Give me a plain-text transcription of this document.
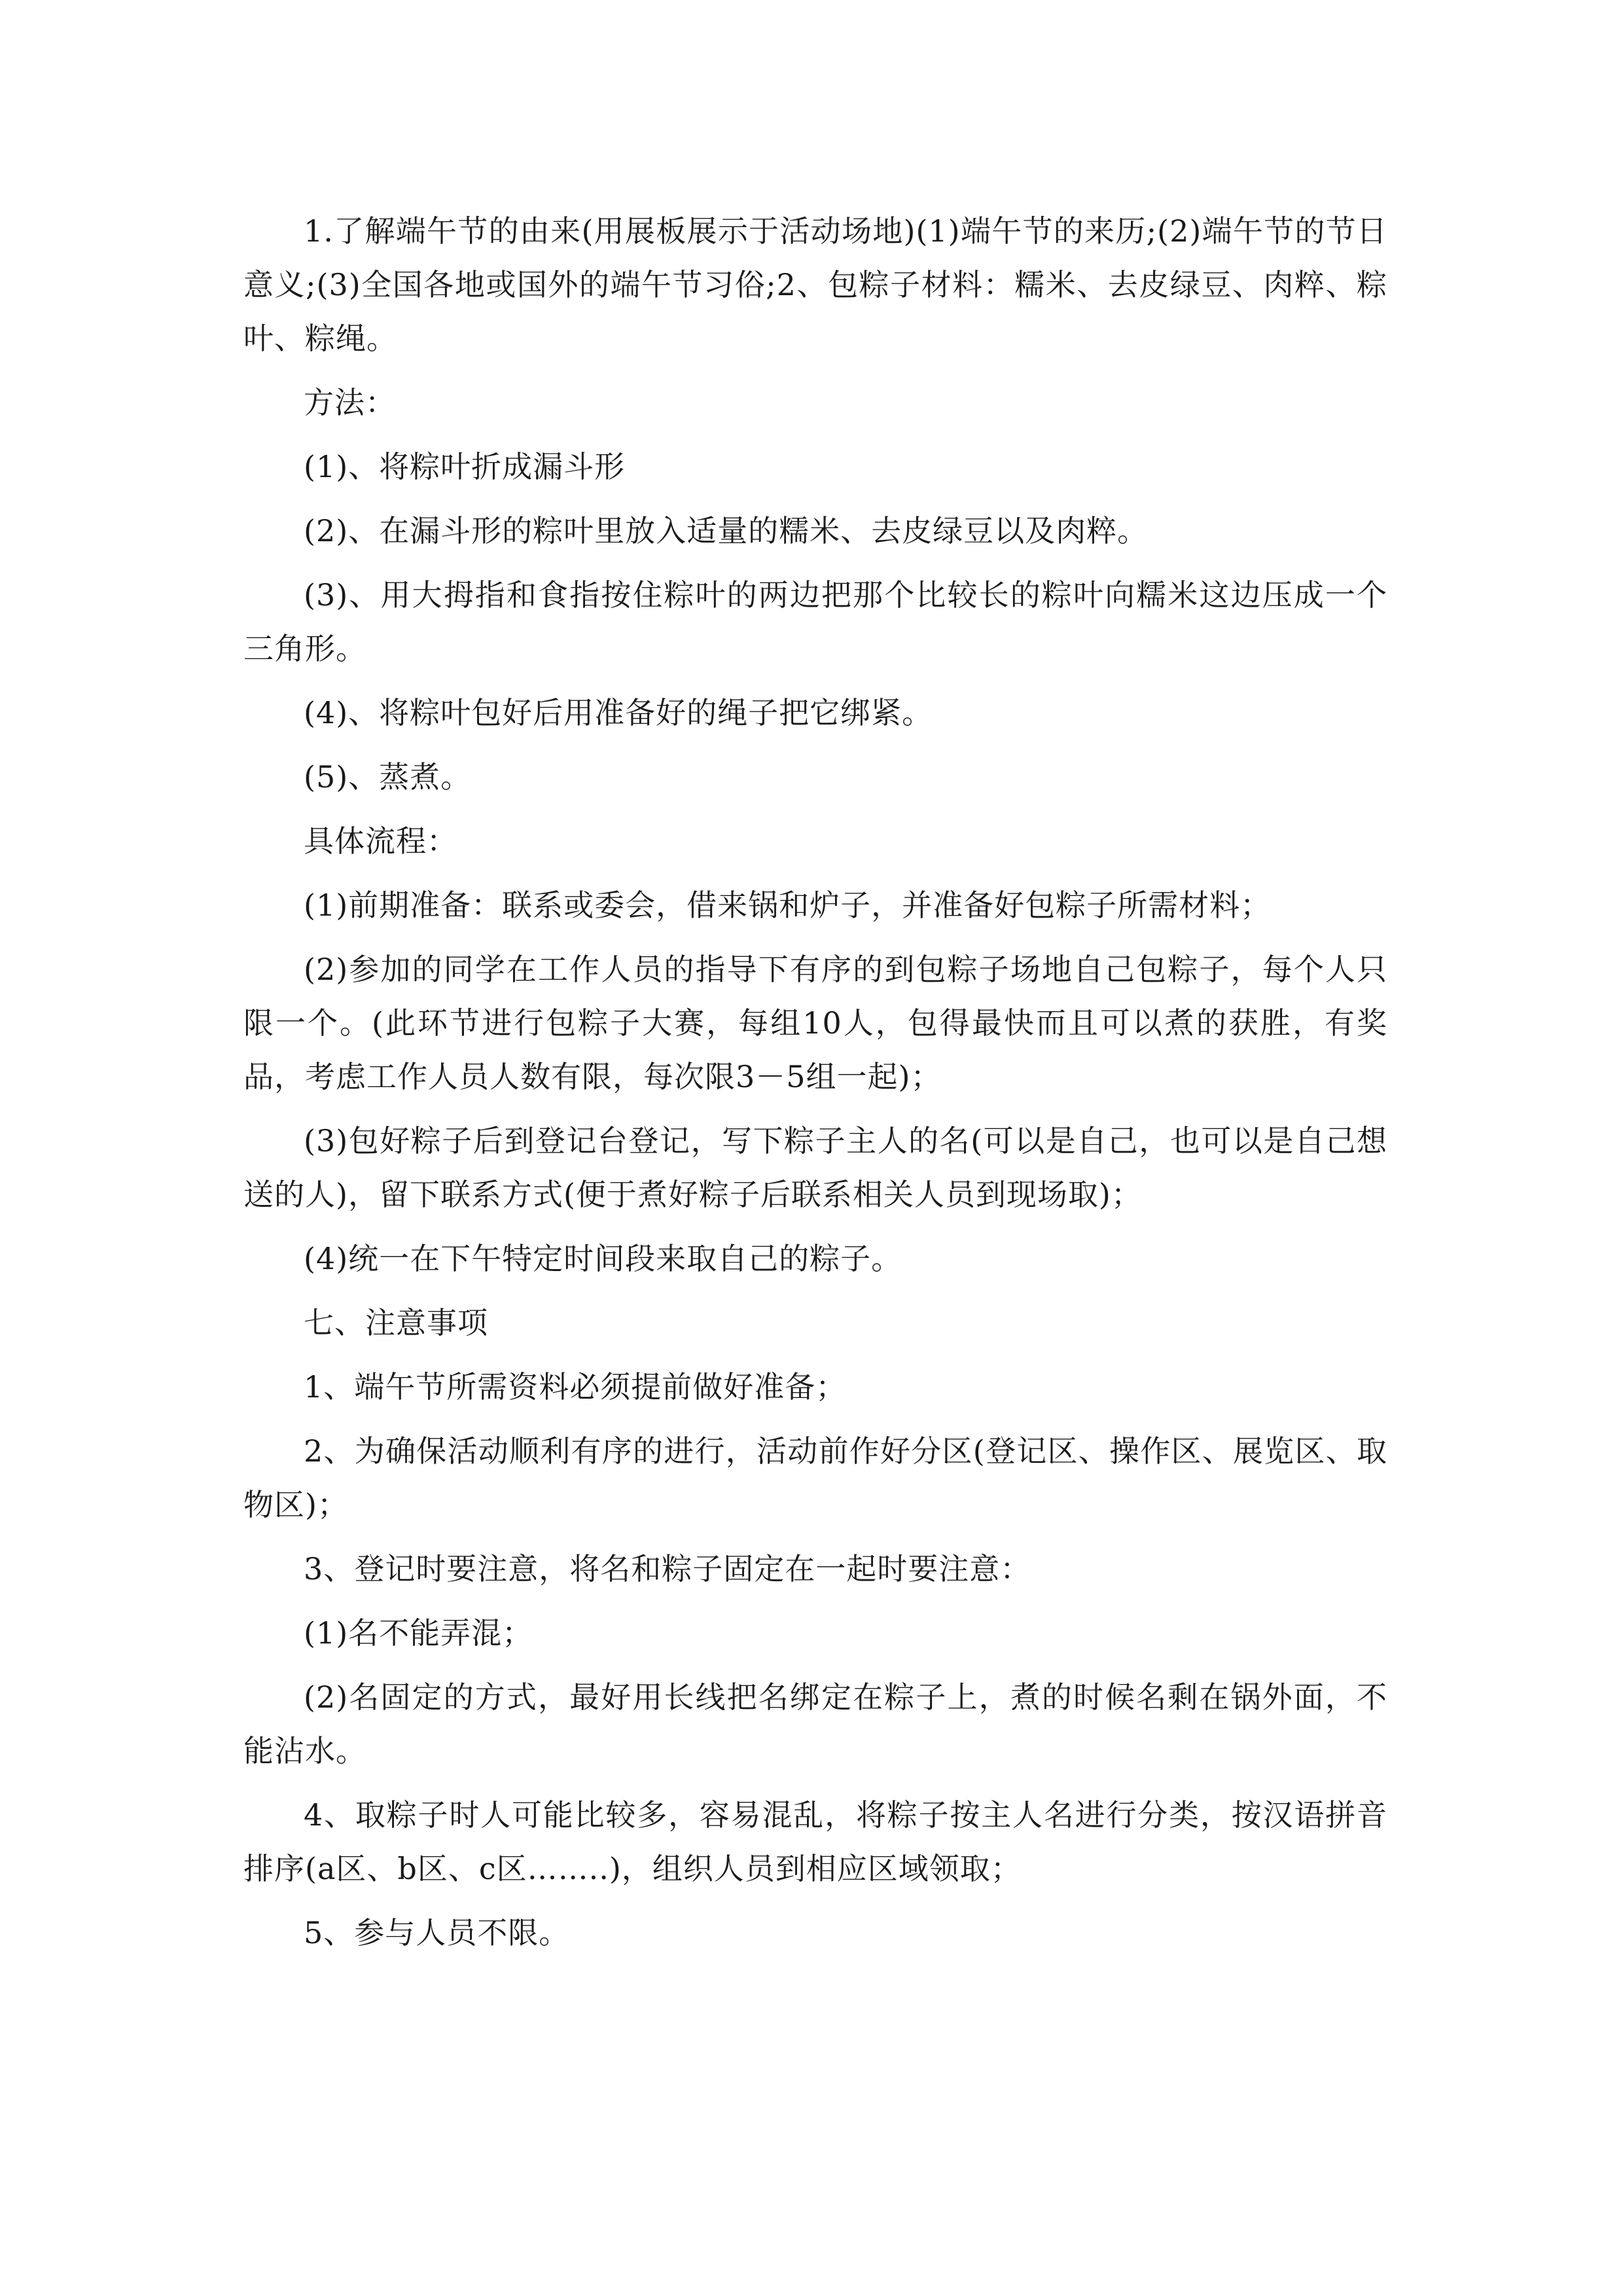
1.了解端午节的由来(用展板展示于活动场地)(1)端午节的来历;(2)端午节的节日意义;(3)全国各地或国外的端午节习俗;2、包粽子材料：糯米、去皮绿豆、肉粹、粽叶、粽绳。

方法：

(1)、将粽叶折成漏斗形

(2)、在漏斗形的粽叶里放入适量的糯米、去皮绿豆以及肉粹。

(3)、用大拇指和食指按住粽叶的两边把那个比较长的粽叶向糯米这边压成一个三角形。

(4)、将粽叶包好后用准备好的绳子把它绑紧。

(5)、蒸煮。

具体流程：

(1)前期准备：联系或委会，借来锅和炉子，并准备好包粽子所需材料；

(2)参加的同学在工作人员的指导下有序的到包粽子场地自己包粽子，每个人只限一个。(此环节进行包粽子大赛，每组10人，包得最快而且可以煮的获胜，有奖品，考虑工作人员人数有限，每次限3－5组一起)；

(3)包好粽子后到登记台登记，写下粽子主人的名(可以是自己，也可以是自己想送的人)，留下联系方式(便于煮好粽子后联系相关人员到现场取)；

(4)统一在下午特定时间段来取自己的粽子。

七、注意事项

1、端午节所需资料必须提前做好准备；

2、为确保活动顺利有序的进行，活动前作好分区(登记区、操作区、展览区、取物区)；

3、登记时要注意，将名和粽子固定在一起时要注意：

(1)名不能弄混；

(2)名固定的方式，最好用长线把名绑定在粽子上，煮的时候名剩在锅外面，不能沾水。

4、取粽子时人可能比较多，容易混乱，将粽子按主人名进行分类，按汉语拼音排序(a区、b区、c区……..)，组织人员到相应区域领取；

5、参与人员不限。
